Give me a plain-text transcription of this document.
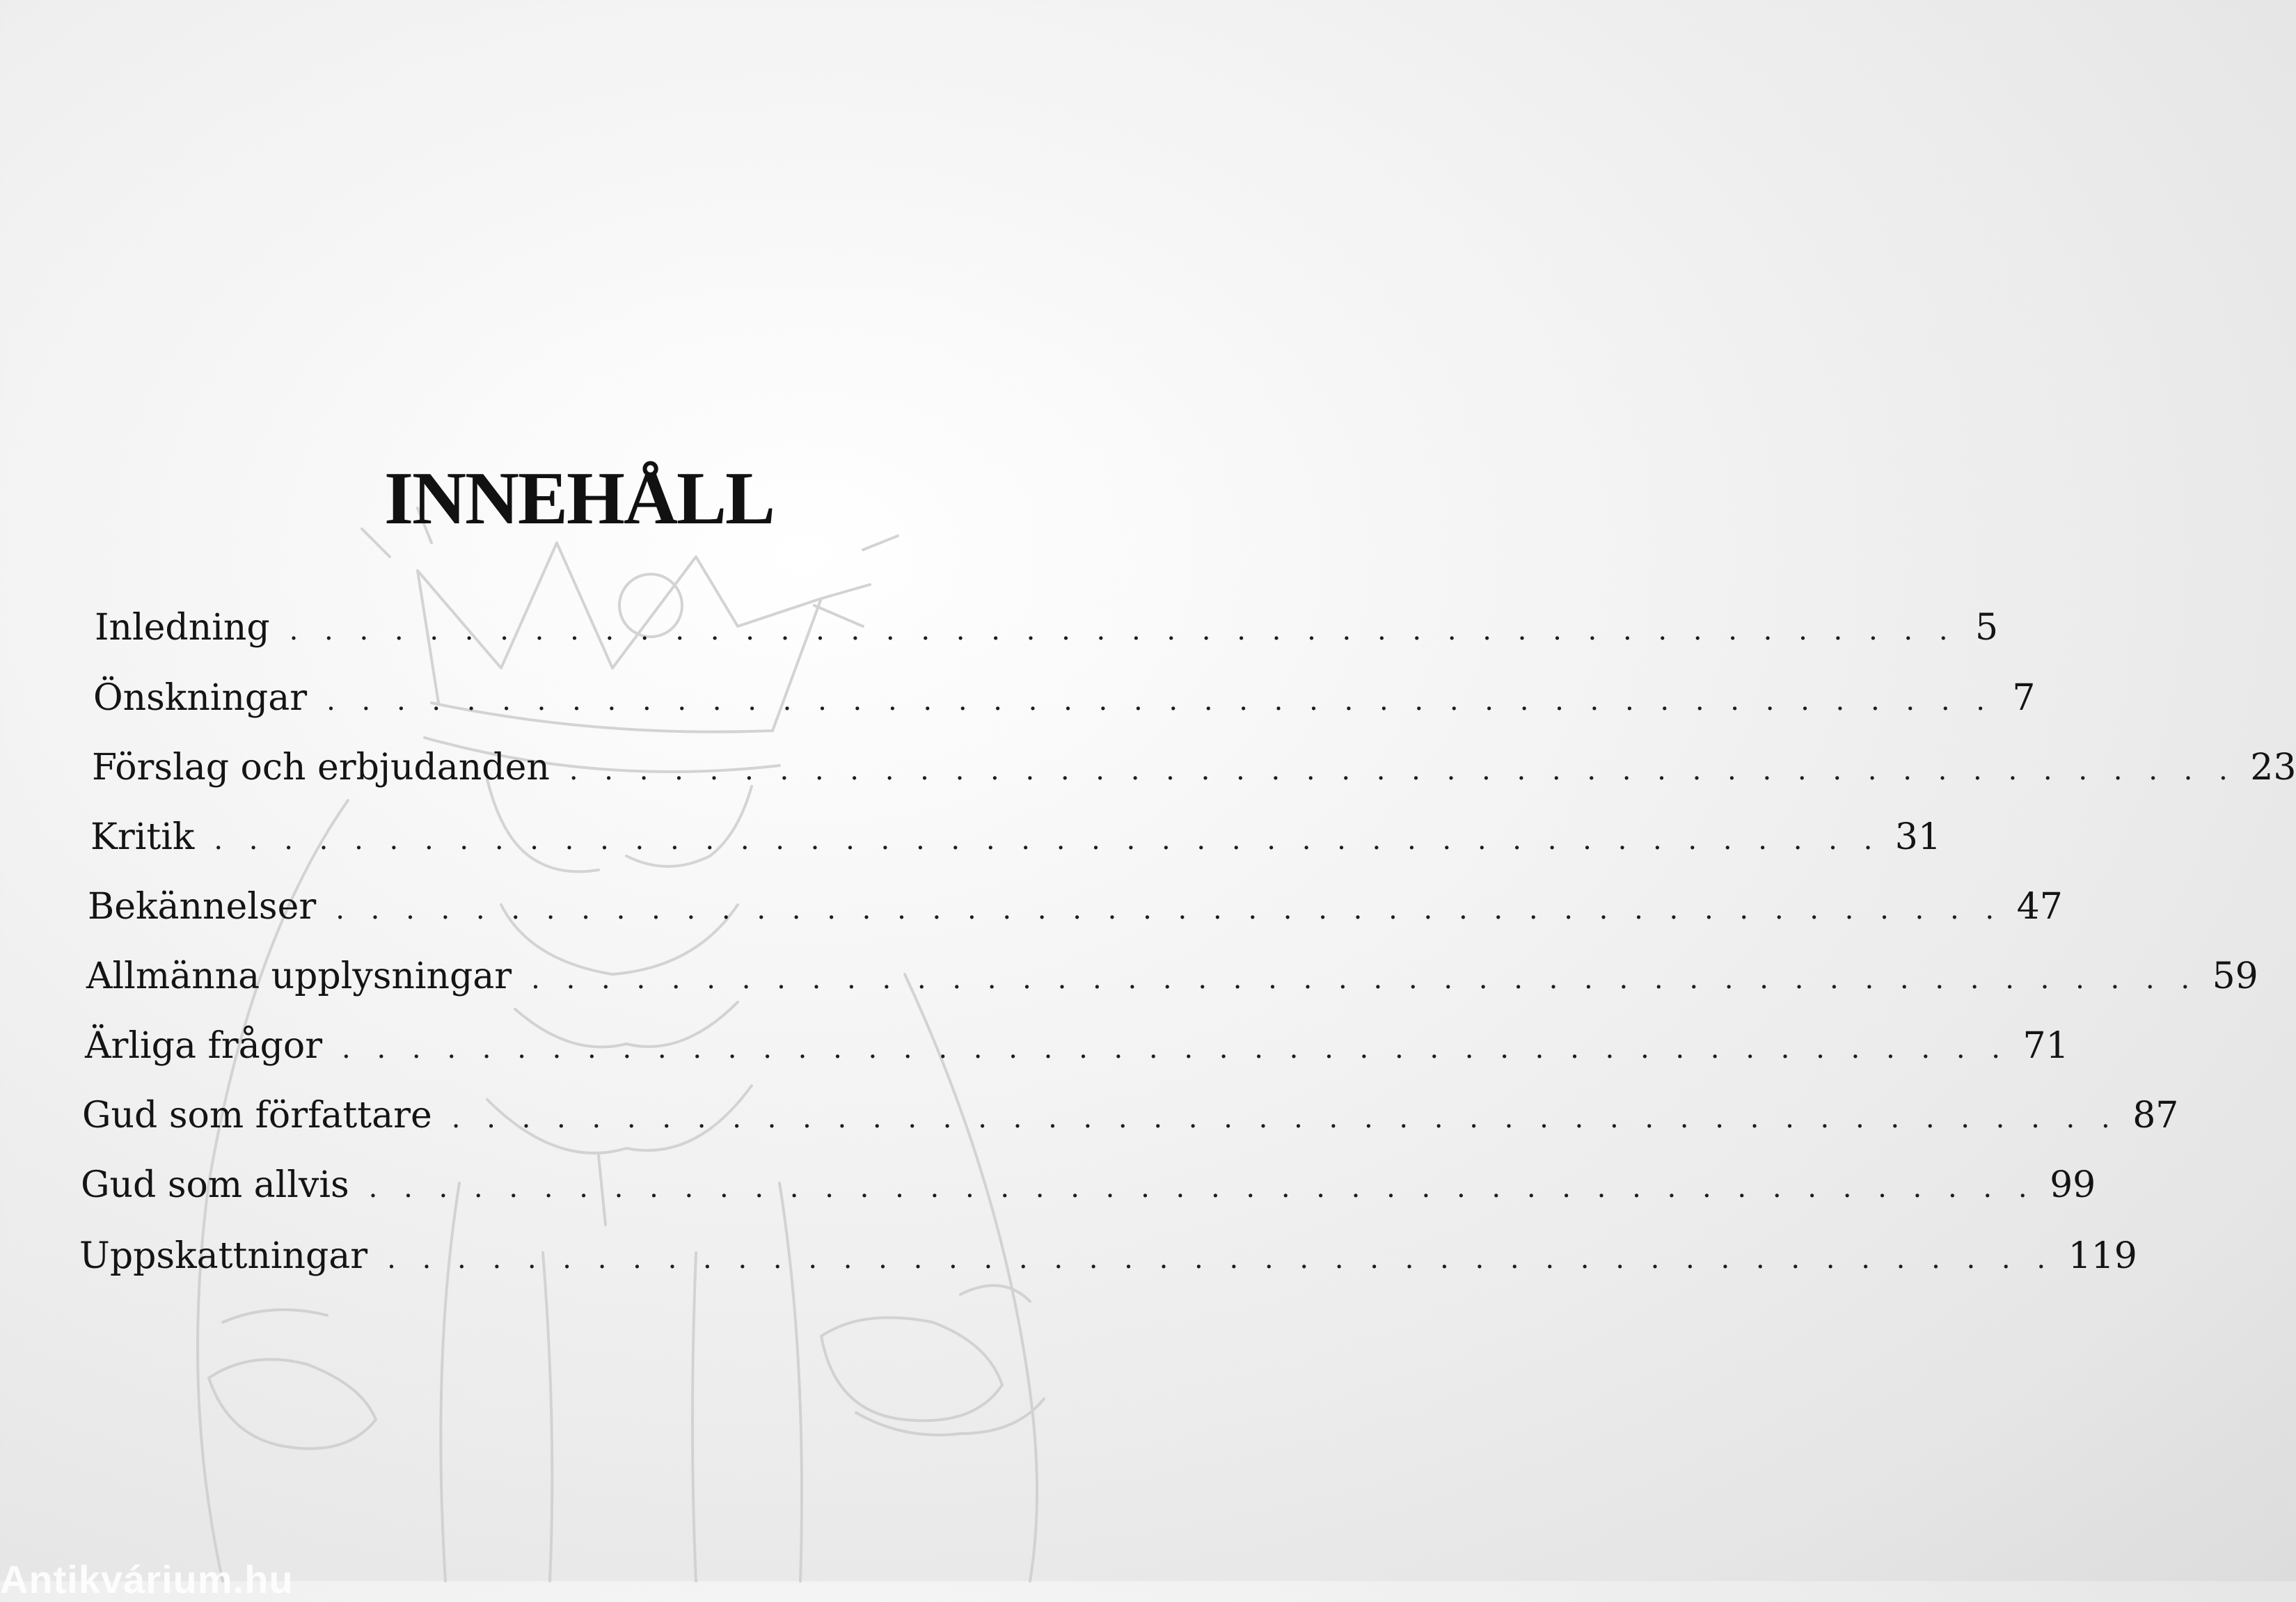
INNEHÅLL
Inledning . . . . . . . . . . . . . . . . . . . . . . . . . . . . . . . . . . . . . . . . . . . . . . . . 5
Önskningar . . . . . . . . . . . . . . . . . . . . . . . . . . . . . . . . . . . . . . . . . . . . . . . . 7
Förslag och erbjudanden . . . . . . . . . . . . . . . . . . . . . . . . . . . . . . . . . . . . . . . . . . . . . . . . 23
Kritik . . . . . . . . . . . . . . . . . . . . . . . . . . . . . . . . . . . . . . . . . . . . . . . . 31
Bekännelser . . . . . . . . . . . . . . . . . . . . . . . . . . . . . . . . . . . . . . . . . . . . . . . . 47
Allmänna upplysningar . . . . . . . . . . . . . . . . . . . . . . . . . . . . . . . . . . . . . . . . . . . . . . . . 59
Ärliga frågor . . . . . . . . . . . . . . . . . . . . . . . . . . . . . . . . . . . . . . . . . . . . . . . . 71
Gud som författare . . . . . . . . . . . . . . . . . . . . . . . . . . . . . . . . . . . . . . . . . . . . . . . . 87
Gud som allvis . . . . . . . . . . . . . . . . . . . . . . . . . . . . . . . . . . . . . . . . . . . . . . . . 99
Uppskattningar . . . . . . . . . . . . . . . . . . . . . . . . . . . . . . . . . . . . . . . . . . . . . . . . 119
Antikvárium.hu
